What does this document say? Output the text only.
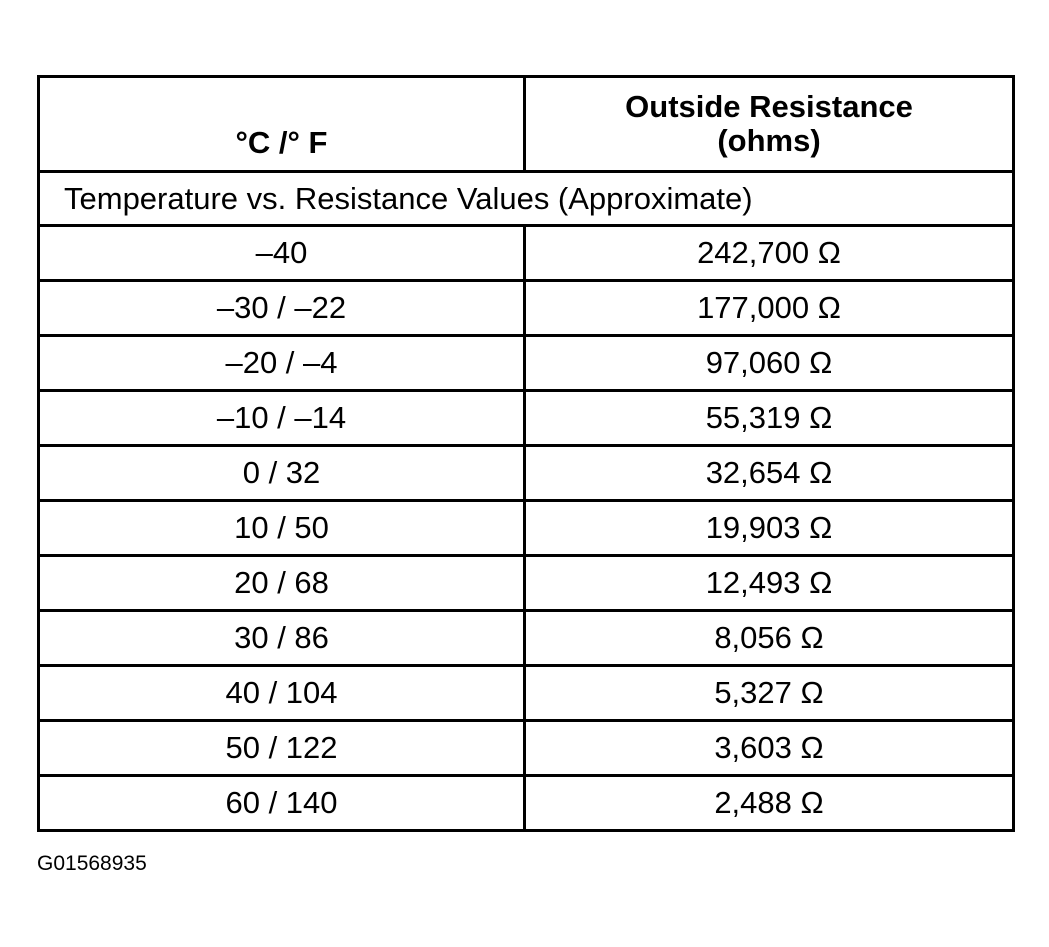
°C /° F	Outside Resistance
(ohms)
Temperature vs. Resistance Values (Approximate)	
–40	242,700 Ω
–30 / –22	177,000 Ω
–20 / –4	97,060 Ω
–10 / –14	55,319 Ω
0 / 32	32,654 Ω
10 / 50	19,903 Ω
20 / 68	12,493 Ω
30 / 86	8,056 Ω
40 / 104	5,327 Ω
50 / 122	3,603 Ω
60 / 140	2,488 Ω
G01568935
